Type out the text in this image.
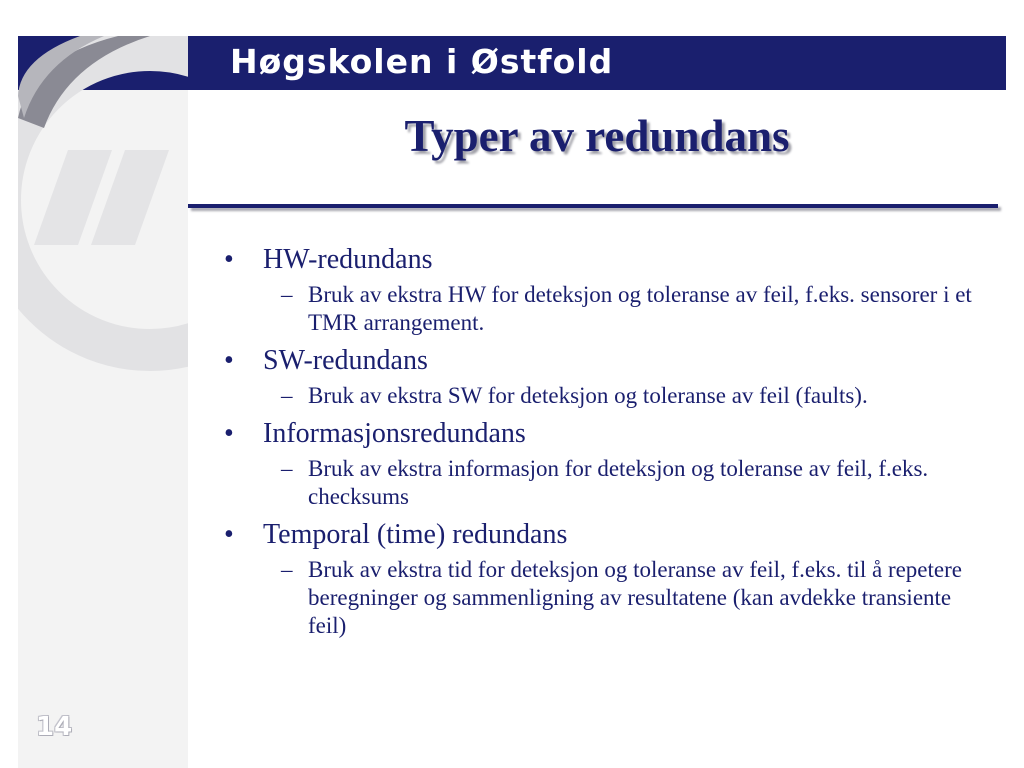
Høgskolen i Østfold
Typer av redundans
• HW-redundans
– Bruk av ekstra HW for deteksjon og toleranse av feil, f.eks. sensorer i et TMR arrangement.
• SW-redundans
– Bruk av ekstra SW for deteksjon og toleranse av feil (faults).
• Informasjonsredundans
– Bruk av ekstra informasjon for deteksjon og toleranse av feil, f.eks. checksums
• Temporal (time) redundans
– Bruk av ekstra tid for deteksjon og toleranse av feil, f.eks. til å repetere beregninger og sammenligning av resultatene (kan avdekke transiente feil)
14
